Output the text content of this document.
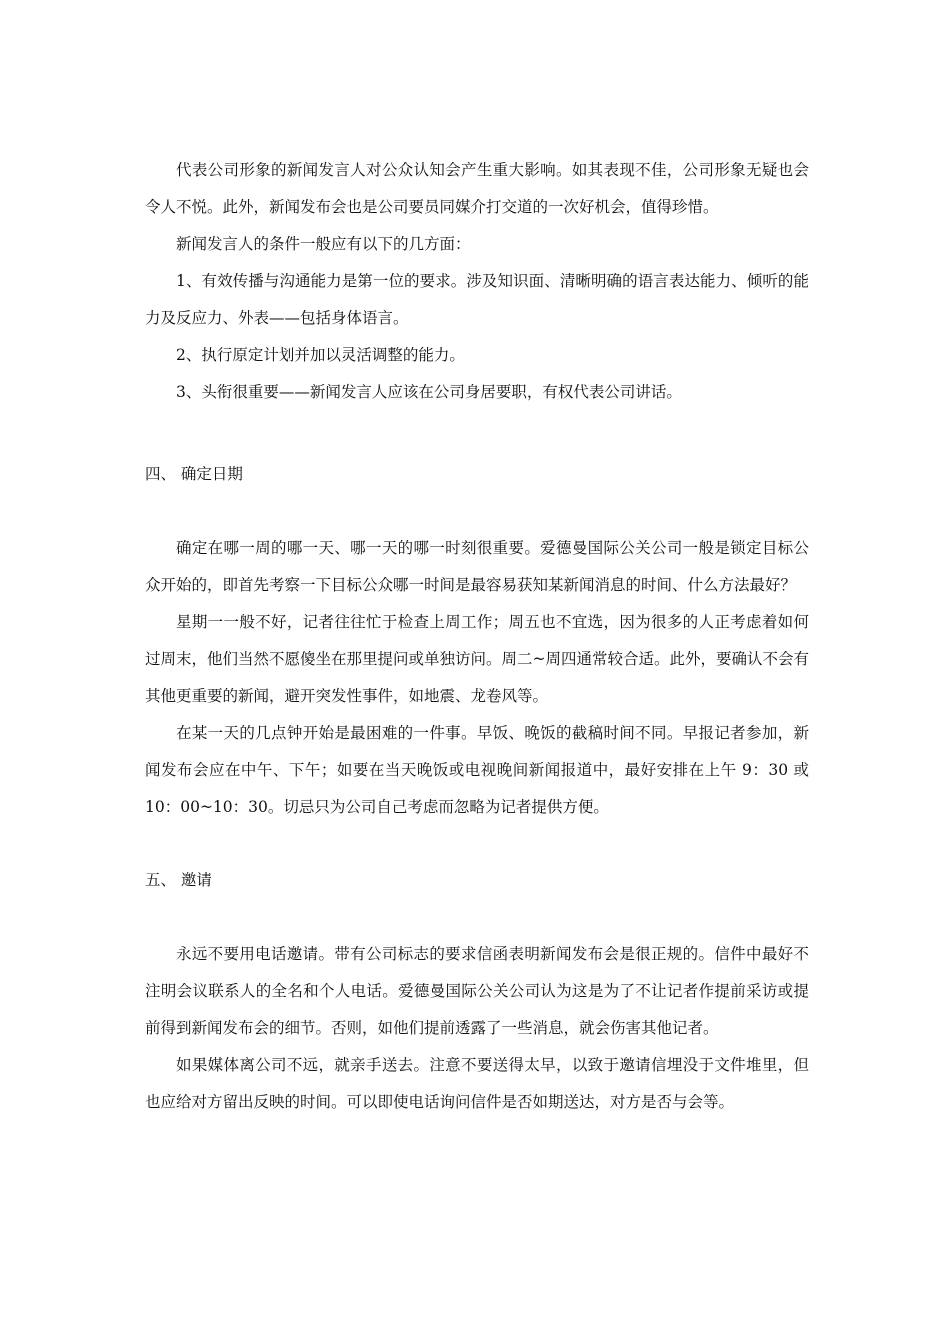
代表公司形象的新闻发言人对公众认知会产生重大影响。如其表现不佳，公司形象无疑也会令人不悦。此外，新闻发布会也是公司要员同媒介打交道的一次好机会，值得珍惜。

新闻发言人的条件一般应有以下的几方面：

1、有效传播与沟通能力是第一位的要求。涉及知识面、清晰明确的语言表达能力、倾听的能力及反应力、外表——包括身体语言。

2、执行原定计划并加以灵活调整的能力。

3、头衔很重要——新闻发言人应该在公司身居要职，有权代表公司讲话。

四、 确定日期

确定在哪一周的哪一天、哪一天的哪一时刻很重要。爱德曼国际公关公司一般是锁定目标公众开始的，即首先考察一下目标公众哪一时间是最容易获知某新闻消息的时间、什么方法最好？

星期一一般不好，记者往往忙于检查上周工作；周五也不宜选，因为很多的人正考虑着如何过周末，他们当然不愿傻坐在那里提问或单独访问。周二~周四通常较合适。此外，要确认不会有其他更重要的新闻，避开突发性事件，如地震、龙卷风等。

在某一天的几点钟开始是最困难的一件事。早饭、晚饭的截稿时间不同。早报记者参加，新闻发布会应在中午、下午；如要在当天晚饭或电视晚间新闻报道中，最好安排在上午 9：30 或 10：00~10：30。切忌只为公司自己考虑而忽略为记者提供方便。

五、 邀请

永远不要用电话邀请。带有公司标志的要求信函表明新闻发布会是很正规的。信件中最好不注明会议联系人的全名和个人电话。爱德曼国际公关公司认为这是为了不让记者作提前采访或提前得到新闻发布会的细节。否则，如他们提前透露了一些消息，就会伤害其他记者。

如果媒体离公司不远，就亲手送去。注意不要送得太早，以致于邀请信埋没于文件堆里，但也应给对方留出反映的时间。可以即使电话询问信件是否如期送达，对方是否与会等。
